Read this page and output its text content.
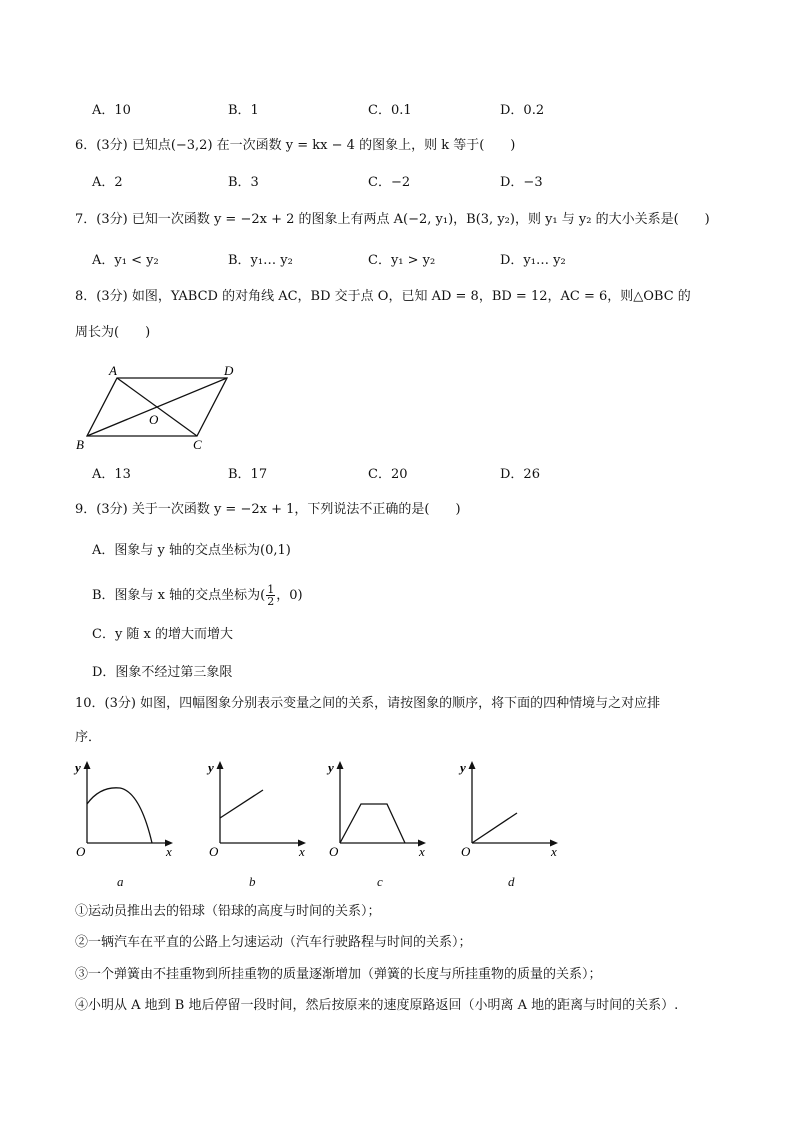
A．10	B．1	C．0.1	D．0.2
6．(3分) 已知点(−3,2) 在一次函数 y = kx − 4 的图象上，则 k 等于(　　)
A．2	B．3	C．−2	D．−3
7．(3分) 已知一次函数 y = −2x + 2 的图象上有两点 A(−2, y₁)，B(3, y₂)，则 y₁ 与 y₂ 的大小关系是(　　)
A．y₁ < y₂	B．y₁… y₂	C．y₁ > y₂	D．y₁… y₂
8．(3分) 如图，YABCD 的对角线 AC，BD 交于点 O，已知 AD = 8，BD = 12，AC = 6，则△OBC 的
周长为(　　)
A	D
O
B	C
A．13	B．17	C．20	D．26
9．(3分) 关于一次函数 y = −2x + 1，下列说法不正确的是(　　)
A．图象与 y 轴的交点坐标为(0,1)
B．图象与 x 轴的交点坐标为( $\frac{1}{2}$ ，0)
C．y 随 x 的增大而增大
D．图象不经过第三象限
10．(3分) 如图，四幅图象分别表示变量之间的关系，请按图象的顺序，将下面的四种情境与之对应排
序．
y
O	x
a
y
O	x
b
y
O	x
c
y
O	x
d
①运动员推出去的铅球（铅球的高度与时间的关系）；
②一辆汽车在平直的公路上匀速运动（汽车行驶路程与时间的关系）；
③一个弹簧由不挂重物到所挂重物的质量逐渐增加（弹簧的长度与所挂重物的质量的关系）；
④小明从 A 地到 B 地后停留一段时间，然后按原来的速度原路返回（小明离 A 地的距离与时间的关系）.
